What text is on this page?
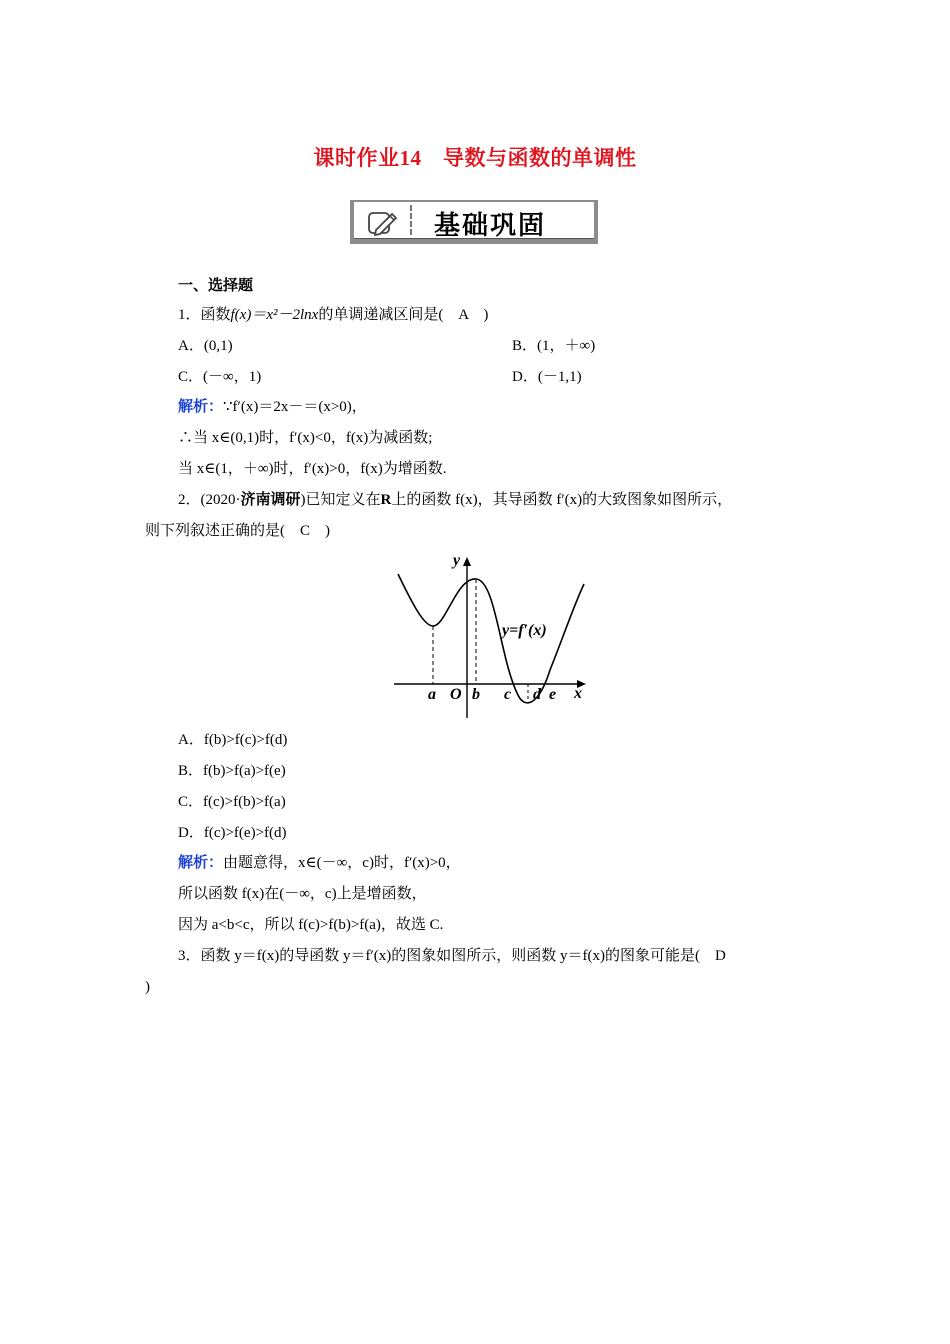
课时作业14　导数与函数的单调性
基础巩固
一、选择题
1．函数f(x)＝x²－2lnx的单调递减区间是(　A　)
A．(0,1)	B．(1，＋∞)
C．(－∞，1)	D．(－1,1)
解析：∵f′(x)＝2x－＝(x>0)，
∴当 x∈(0,1)时，f′(x)<0，f(x)为减函数;
当 x∈(1，＋∞)时，f′(x)>0，f(x)为增函数.
2．(2020·济南调研)已知定义在R上的函数 f(x)，其导函数 f′(x)的大致图象如图所示，
则下列叙述正确的是(　C　)
y
x
y=f′(x)
O
a b c d e
A．f(b)>f(c)>f(d)
B．f(b)>f(a)>f(e)
C．f(c)>f(b)>f(a)
D．f(c)>f(e)>f(d)
解析：由题意得，x∈(－∞，c)时，f′(x)>0，
所以函数 f(x)在(－∞，c)上是增函数，
因为 a<b<c，所以 f(c)>f(b)>f(a)，故选 C.
3．函数 y＝f(x)的导函数 y＝f′(x)的图象如图所示，则函数 y＝f(x)的图象可能是(　D
)
